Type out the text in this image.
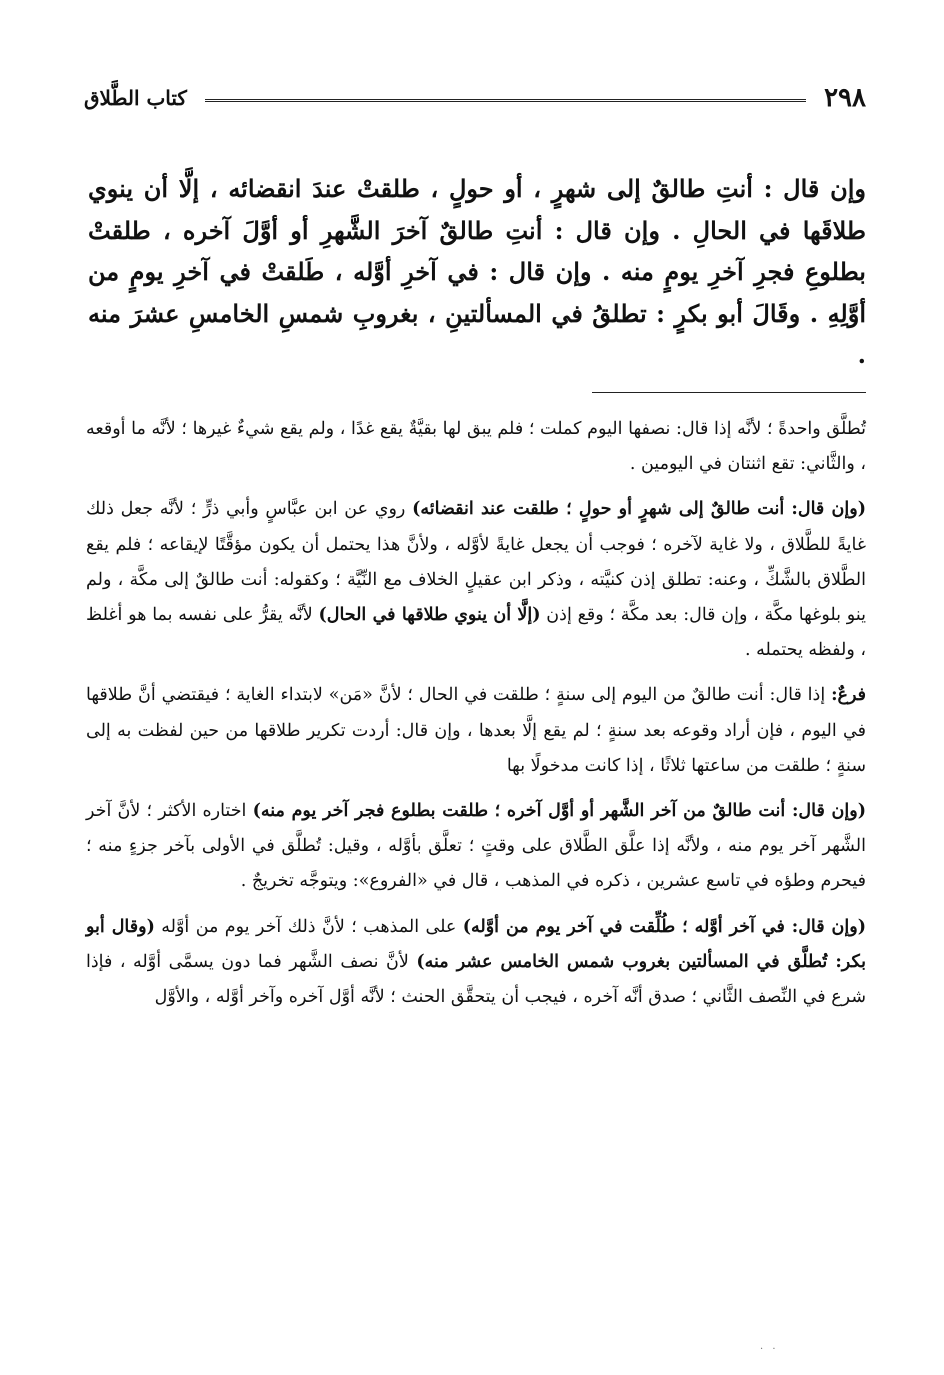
٢٩٨
كتاب الطَّلاق

وإن قال : أنتِ طالقٌ إلى شهرٍ ، أو حولٍ ، طلقتْ عندَ انقضائه ، إلَّا أن ينوي طلاقَها في الحالِ . وإن قال : أنتِ طالقٌ آخرَ الشَّهرِ أو أوَّلَ آخره ، طلقتْ بطلوعِ فجرِ آخرِ يومٍ منه . وإن قال : في آخرِ أوَّله ، طَلقتْ في آخرِ يومٍ من أوَّلِهِ . وقَالَ أبو بكرٍ : تطلقُ في المسألتينِ ، بغروبِ شمسِ الخامسِ عشرَ منه .

تُطلَّق واحدةً ؛ لأنَّه إذا قال: نصفها اليوم كملت ؛ فلم يبق لها بقيَّةٌ يقع غدًا ، ولم يقع شيءٌ غيرها ؛ لأنَّه ما أوقعه ، والثَّاني: تقع اثنتان في اليومين .

(وإن قال: أنت طالقٌ إلى شهرٍ أو حولٍ ؛ طلقت عند انقضائه) روي عن ابن عبَّاسٍ وأبي ذرٍّ ؛ لأنَّه جعل ذلك غايةً للطَّلاق ، ولا غاية لآخره ؛ فوجب أن يجعل غايةً لأوَّله ، ولأنَّ هذا يحتمل أن يكون مؤقَّتًا لإيقاعه ؛ فلم يقع الطَّلاق بالشَّكِّ ، وعنه: تطلق إذن كنيَّته ، وذكر ابن عقيلٍ الخلاف مع النِّيَّة ؛ وكقوله: أنت طالقٌ إلى مكَّة ، ولم ينو بلوغها مكَّة ، وإن قال: بعد مكَّة ؛ وقع إذن (إلَّا أن ينوي طلاقها في الحال) لأنَّه يقرُّ على نفسه بما هو أغلظ ، ولفظه يحتمله .

فرعٌ: إذا قال: أنت طالقٌ من اليوم إلى سنةٍ ؛ طلقت في الحال ؛ لأنَّ «مَن» لابتداء الغاية ؛ فيقتضي أنَّ طلاقها في اليوم ، فإن أراد وقوعه بعد سنةٍ ؛ لم يقع إلَّا بعدها ، وإن قال: أردت تكرير طلاقها من حين لفظت به إلى سنةٍ ؛ طلقت من ساعتها ثلاثًا ، إذا كانت مدخولًا بها

(وإن قال: أنت طالقٌ من آخر الشَّهر أو أوَّل آخره ؛ طلقت بطلوع فجر آخر يوم منه) اختاره الأكثر ؛ لأنَّ آخر الشَّهر آخر يوم منه ، ولأنَّه إذا علَّق الطَّلاق على وقتٍ ؛ تعلَّق بأوَّله ، وقيل: تُطلَّق في الأولى بآخر جزءٍ منه ؛ فيحرم وطؤه في تاسع عشرين ، ذكره في المذهب ، قال في «الفروع»: ويتوجَّه تخريجٌ .

(وإن قال: في آخر أوَّله ؛ طُلِّقت في آخر يوم من أوَّله) على المذهب ؛ لأنَّ ذلك آخر يوم من أوَّله (وقال أبو بكر: تُطلَّق في المسألتين بغروب شمس الخامس عشر منه) لأنَّ نصف الشَّهر فما دون يسمَّى أوَّله ، فإذا شرع في النِّصف الثَّاني ؛ صدق أنَّه آخره ، فيجب أن يتحقَّق الحنث ؛ لأنَّه أوَّل آخره وآخر أوَّله ، والأوَّل

· ·
